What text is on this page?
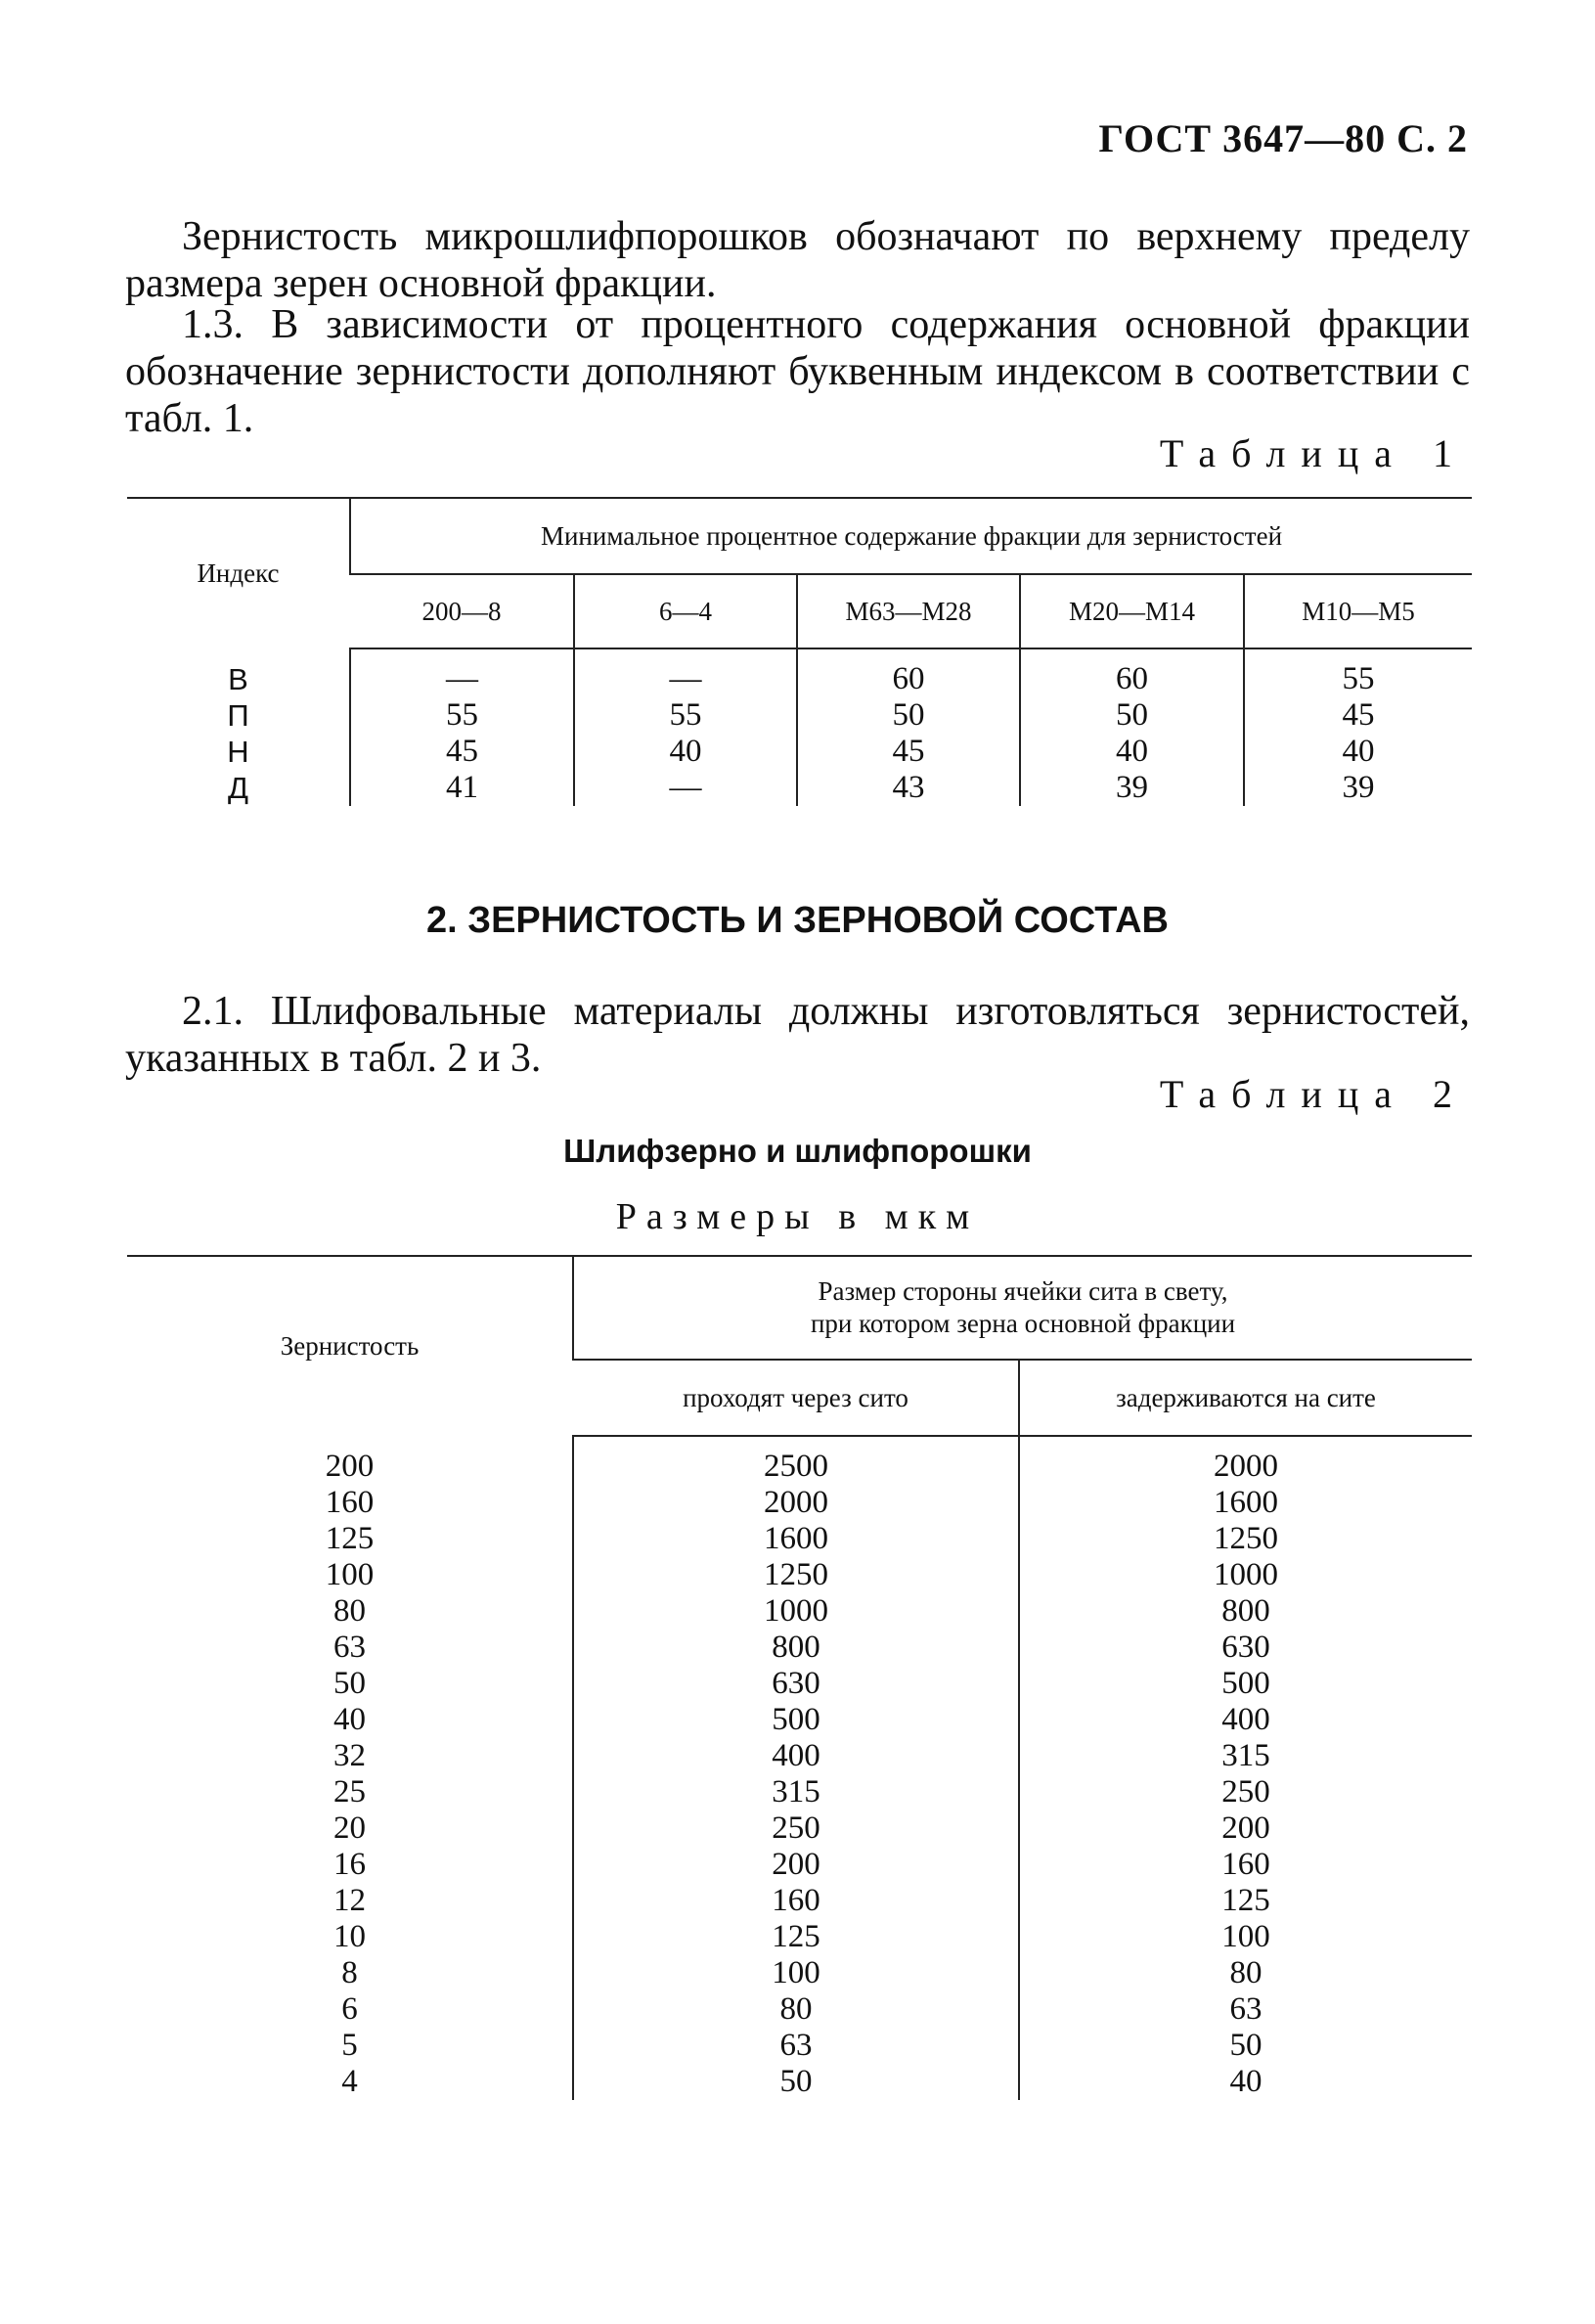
ГОСТ 3647—80 С. 2
Зернистость микрошлифпорошков обозначают по верхнему пределу размера зерен основной фракции.
1.3. В зависимости от процентного содержания основной фракции обозначение зернистости дополняют буквенным индексом в соответствии с табл. 1.
Таблица 1
Индекс	Минимальное процентное содержание фракции для зернистостей				
	200—8	6—4	М63—М28	М20—М14	М10—М5
В	—	—	60	60	55
П	55	55	50	50	45
Н	45	40	45	40	40
Д	41	—	43	39	39
2. ЗЕРНИСТОСТЬ И ЗЕРНОВОЙ СОСТАВ
2.1. Шлифовальные материалы должны изготовляться зернистостей, указанных в табл. 2 и 3.
Таблица 2
Шлифзерно и шлифпорошки
Размеры в мкм
Зернистость	Размер стороны ячейки сита в свету,
при котором зерна основной фракции	

	проходят через сито	задерживаются на сите
200	2500	2000
160	2000	1600
125	1600	1250
100	1250	1000
80	1000	800
63	800	630
50	630	500
40	500	400
32	400	315
25	315	250
20	250	200
16	200	160
12	160	125
10	125	100
8	100	80
6	80	63
5	63	50
4	50	40
